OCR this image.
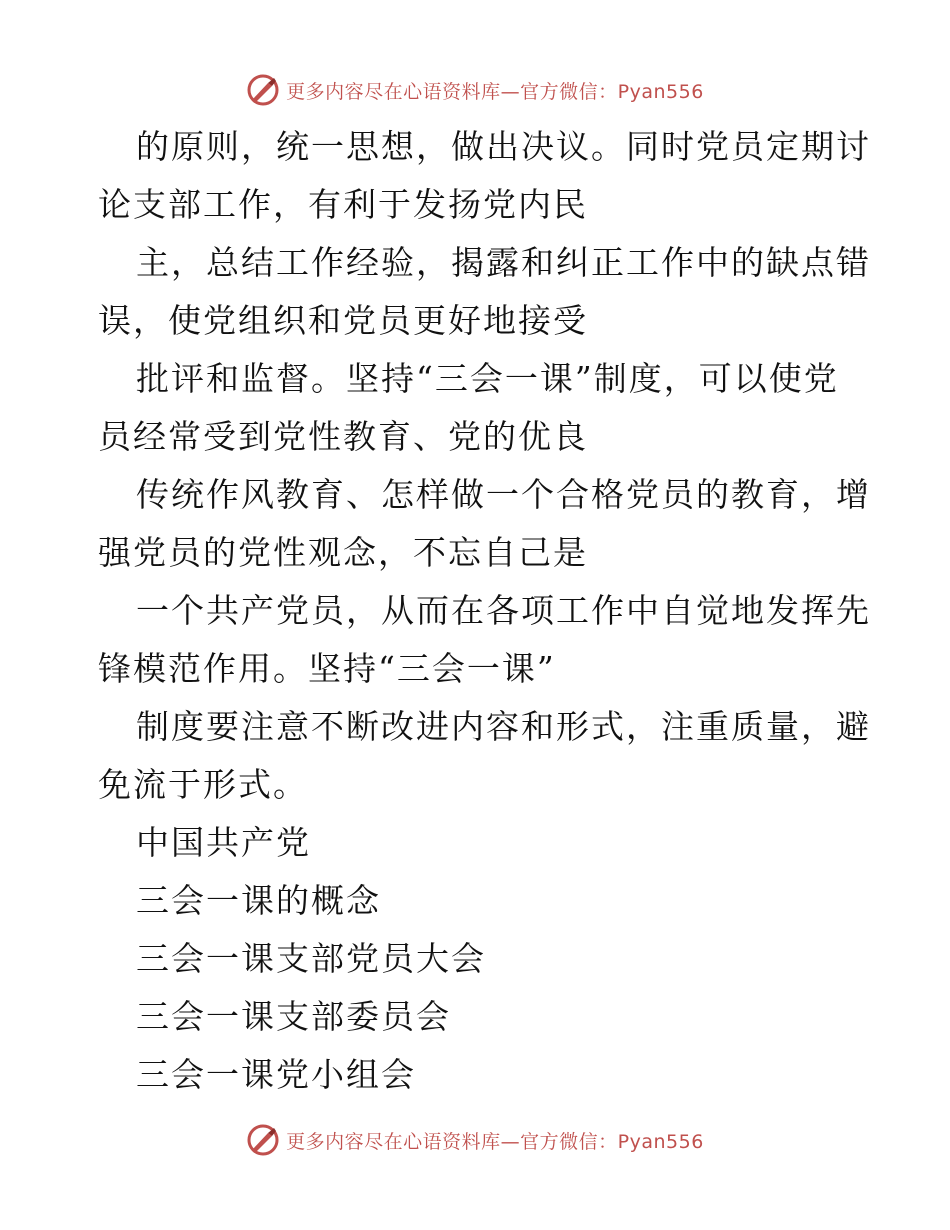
更多内容尽在心语资料库—官方微信：Pyan556
的原则，统一思想，做出决议。同时党员定期讨
论支部工作，有利于发扬党内民
主，总结工作经验，揭露和纠正工作中的缺点错
误，使党组织和党员更好地接受
批评和监督。坚持“三会一课”制度，可以使党
员经常受到党性教育、党的优良
传统作风教育、怎样做一个合格党员的教育，增
强党员的党性观念，不忘自己是
一个共产党员，从而在各项工作中自觉地发挥先
锋模范作用。坚持“三会一课”
制度要注意不断改进内容和形式，注重质量，避
免流于形式。
中国共产党
三会一课的概念
三会一课支部党员大会
三会一课支部委员会
三会一课党小组会
更多内容尽在心语资料库—官方微信：Pyan556
